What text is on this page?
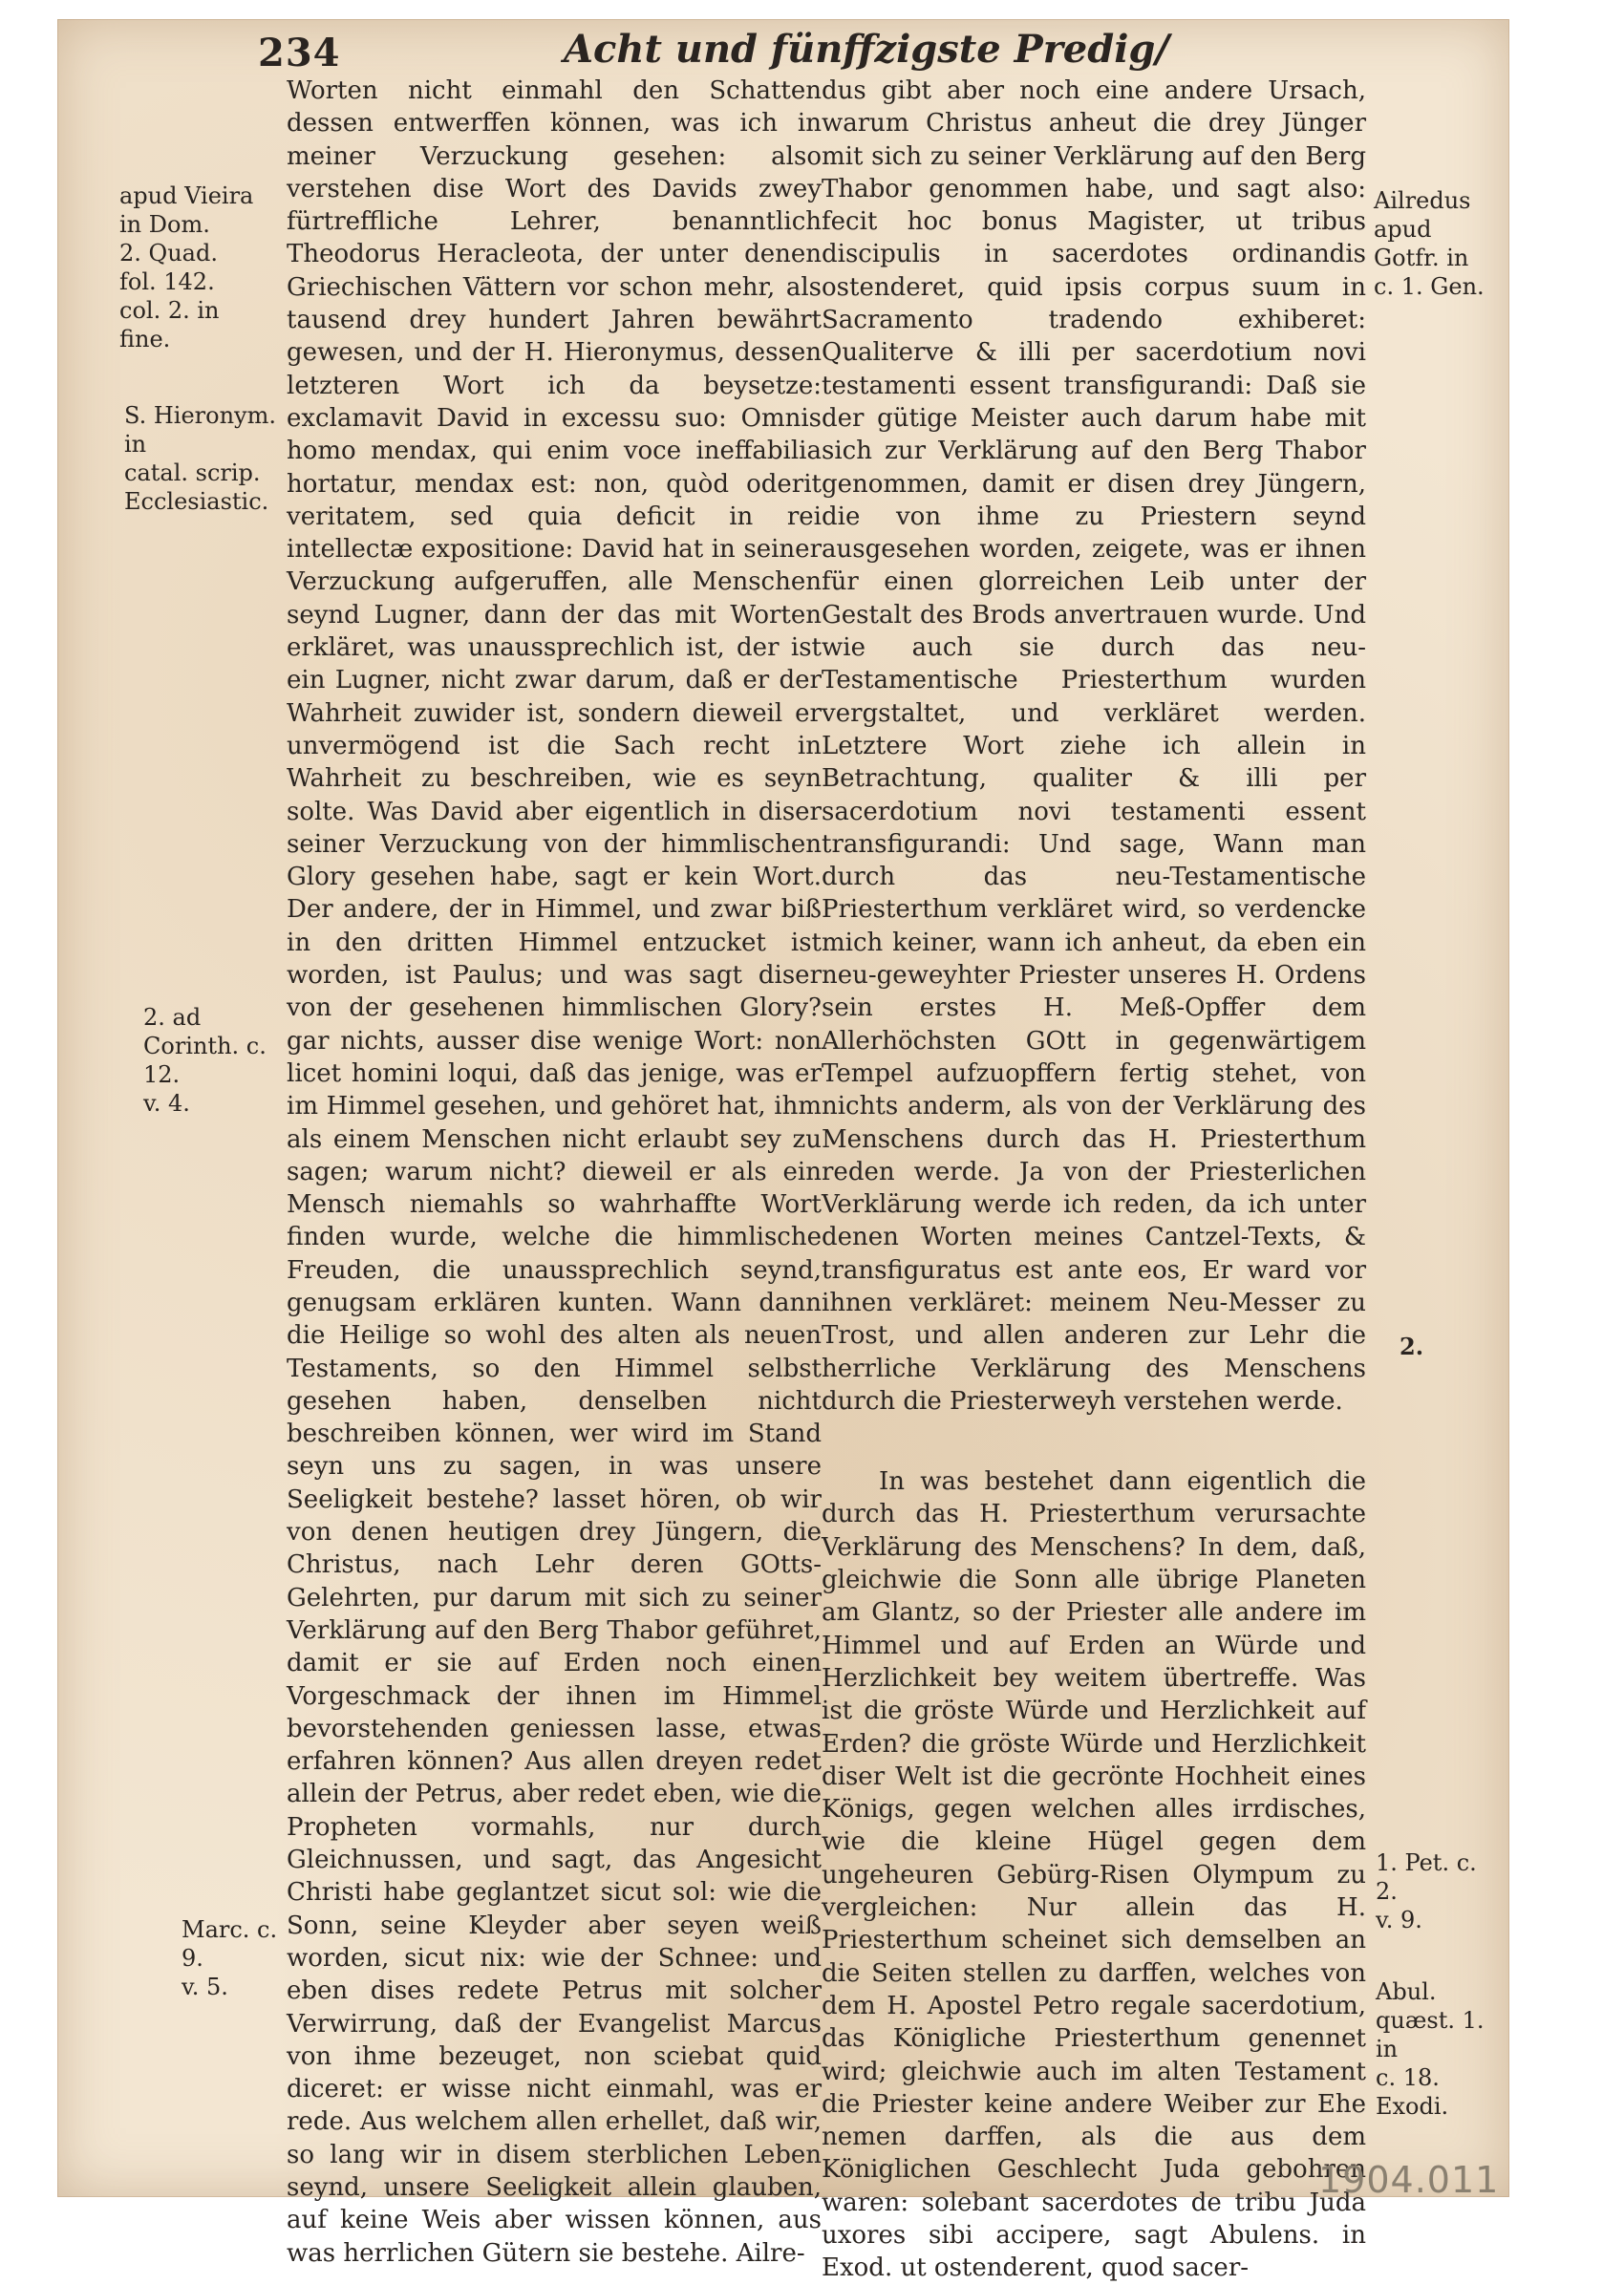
234	Acht und fünffzigste Predig/
apud Vieira in Dom.
2. Quad.
fol. 142.
col. 2. in
fine.
S. Hieronym. in
catal. scrip.
Ecclesiastic.
2. ad Corinth. c. 12.
v. 4.
Marc. c. 9.
v. 5.
Ailredus
apud
Gotfr. in
c. 1. Gen.
2.
1. Pet. c. 2.
v. 9.
Abul.
quæst. 1. in
c. 18. Exodi.

Worten nicht einmahl den Schatten dessen entwerffen können, was ich in meiner Verzuckung gesehen: also verstehen dise Wort des Davids zwey fürtreffliche Lehrer, benanntlich Theodorus Heracleota, der unter denen Griechischen Vättern vor schon mehr, als tausend drey hundert Jahren bewährt gewesen, und der H. Hieronymus, dessen letzteren Wort ich da beysetze: exclamavit David in excessu suo: Omnis homo mendax, qui enim voce ineffabilia hortatur, mendax est: non, quòd oderit veritatem, sed quia deficit in rei intellectæ expositione: David hat in seiner Verzuckung aufgeruffen, alle Menschen seynd Lugner, dann der das mit Worten erkläret, was unaussprechlich ist, der ist ein Lugner, nicht zwar darum, daß er der Wahrheit zuwider ist, sondern dieweil er unvermögend ist die Sach recht in Wahrheit zu beschreiben, wie es seyn solte. Was David aber eigentlich in diser seiner Verzuckung von der himmlischen Glory gesehen habe, sagt er kein Wort. Der andere, der in Himmel, und zwar biß in den dritten Himmel entzucket ist worden, ist Paulus; und was sagt diser von der gesehenen himmlischen Glory? gar nichts, ausser dise wenige Wort: non licet homini loqui, daß das jenige, was er im Himmel gesehen, und gehöret hat, ihm als einem Menschen nicht erlaubt sey zu sagen; warum nicht? dieweil er als ein Mensch niemahls so wahrhaffte Wort finden wurde, welche die himmlische Freuden, die unaussprechlich seynd, genugsam erklären kunten. Wann dann die Heilige so wohl des alten als neuen Testaments, so den Himmel selbst gesehen haben, denselben nicht beschreiben können, wer wird im Stand seyn uns zu sagen, in was unsere Seeligkeit bestehe? lasset hören, ob wir von denen heutigen drey Jüngern, die Christus, nach Lehr deren GOtts-Gelehrten, pur darum mit sich zu seiner Verklärung auf den Berg Thabor geführet, damit er sie auf Erden noch einen Vorgeschmack der ihnen im Himmel bevorstehenden geniessen lasse, etwas erfahren können? Aus allen dreyen redet allein der Petrus, aber redet eben, wie die Propheten vormahls, nur durch Gleichnussen, und sagt, das Angesicht Christi habe geglantzet sicut sol: wie die Sonn, seine Kleyder aber seyen weiß worden, sicut nix: wie der Schnee: und eben dises redete Petrus mit solcher Verwirrung, daß der Evangelist Marcus von ihme bezeuget, non sciebat quid diceret: er wisse nicht einmahl, was er rede. Aus welchem allen erhellet, daß wir, so lang wir in disem sterblichen Leben seynd, unsere Seeligkeit allein glauben, auf keine Weis aber wissen können, aus was herrlichen Gütern sie bestehe. Ailre-

dus gibt aber noch eine andere Ursach, warum Christus anheut die drey Jünger mit sich zu seiner Verklärung auf den Berg Thabor genommen habe, und sagt also: fecit hoc bonus Magister, ut tribus discipulis in sacerdotes ordinandis ostenderet, quid ipsis corpus suum in Sacramento tradendo exhiberet: Qualiterve & illi per sacerdotium novi testamenti essent transfigurandi: Daß sie der gütige Meister auch darum habe mit sich zur Verklärung auf den Berg Thabor genommen, damit er disen drey Jüngern, die von ihme zu Priestern seynd ausgesehen worden, zeigete, was er ihnen für einen glorreichen Leib unter der Gestalt des Brods anvertrauen wurde. Und wie auch sie durch das neu-Testamentische Priesterthum wurden vergstaltet, und verkläret werden. Letztere Wort ziehe ich allein in Betrachtung, qualiter & illi per sacerdotium novi testamenti essent transfigurandi: Und sage, Wann man durch das neu-Testamentische Priesterthum verkläret wird, so verdencke mich keiner, wann ich anheut, da eben ein neu-geweyhter Priester unseres H. Ordens sein erstes H. Meß-Opffer dem Allerhöchsten GOtt in gegenwärtigem Tempel aufzuopffern fertig stehet, von nichts anderm, als von der Verklärung des Menschens durch das H. Priesterthum reden werde. Ja von der Priesterlichen Verklärung werde ich reden, da ich unter denen Worten meines Cantzel-Texts, & transfiguratus est ante eos, Er ward vor ihnen verkläret: meinem Neu-Messer zu Trost, und allen anderen zur Lehr die herrliche Verklärung des Menschens durch die Priesterweyh verstehen werde.

In was bestehet dann eigentlich die durch das H. Priesterthum verursachte Verklärung des Menschens? In dem, daß, gleichwie die Sonn alle übrige Planeten am Glantz, so der Priester alle andere im Himmel und auf Erden an Würde und Herzlichkeit bey weitem übertreffe. Was ist die gröste Würde und Herzlichkeit auf Erden? die gröste Würde und Herzlichkeit diser Welt ist die gecrönte Hochheit eines Königs, gegen welchen alles irrdisches, wie die kleine Hügel gegen dem ungeheuren Gebürg-Risen Olympum zu vergleichen: Nur allein das H. Priesterthum scheinet sich demselben an die Seiten stellen zu darffen, welches von dem H. Apostel Petro regale sacerdotium, das Königliche Priesterthum genennet wird; gleichwie auch im alten Testament die Priester keine andere Weiber zur Ehe nemen darffen, als die aus dem Königlichen Geschlecht Juda gebohren waren: solebant sacerdotes de tribu Juda uxores sibi accipere, sagt Abulens. in Exod. ut ostenderent, quod sacer-

1904.011
